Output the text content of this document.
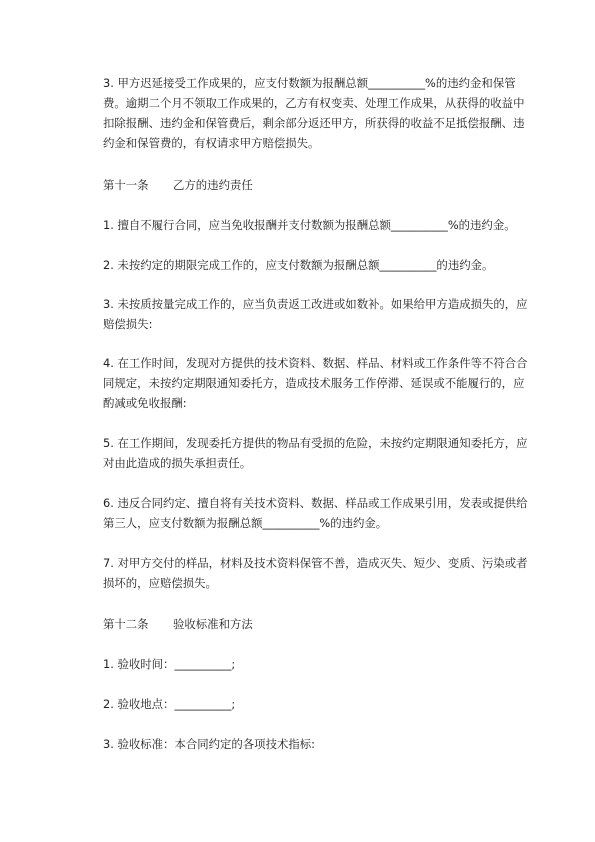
3. 甲方迟延接受工作成果的，应支付数额为报酬总额__________%的违约金和保管费。逾期二个月不领取工作成果的，乙方有权变卖、处理工作成果，从获得的收益中扣除报酬、违约金和保管费后，剩余部分返还甲方，所获得的收益不足抵偿报酬、违约金和保管费的，有权请求甲方赔偿损失。

第十一条 乙方的违约责任

1. 擅自不履行合同，应当免收报酬并支付数额为报酬总额__________%的违约金。

2. 未按约定的期限完成工作的，应支付数额为报酬总额__________的违约金。

3. 未按质按量完成工作的，应当负责返工改进或如数补。如果给甲方造成损失的，应赔偿损失:

4. 在工作时间，发现对方提供的技术资料、数据、样品、材料或工作条件等不符合合同规定，未按约定期限通知委托方，造成技术服务工作停滞、延误或不能履行的，应酌减或免收报酬:

5. 在工作期间，发现委托方提供的物品有受损的危险，未按约定期限通知委托方，应对由此造成的损失承担责任。

6. 违反合同约定、擅自将有关技术资料、数据、样品或工作成果引用，发表或提供给第三人，应支付数额为报酬总额__________%的违约金。

7. 对甲方交付的样品，材料及技术资料保管不善，造成灭失、短少、变质、污染或者损坏的，应赔偿损失。

第十二条 验收标准和方法

1. 验收时间：__________;

2. 验收地点：__________;

3. 验收标准：本合同约定的各项技术指标:
